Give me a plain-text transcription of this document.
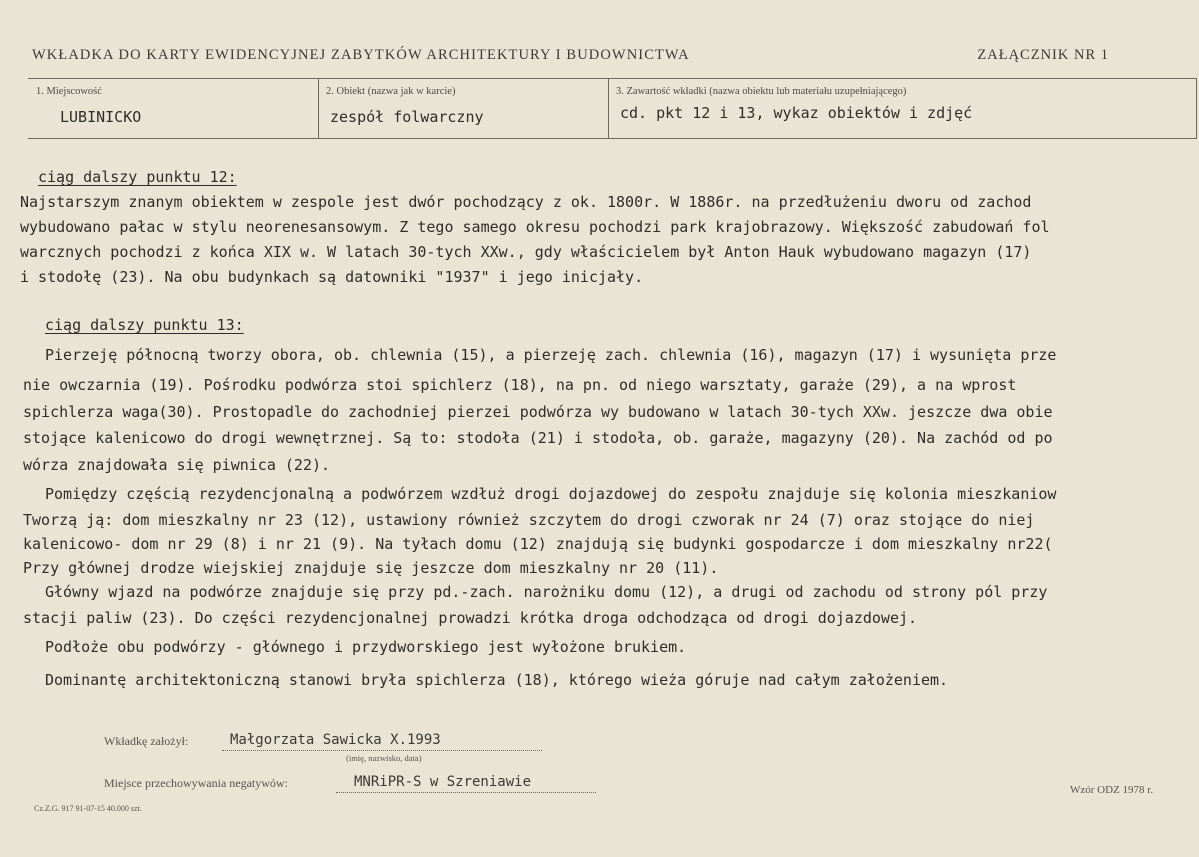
WKŁADKA DO KARTY EWIDENCYJNEJ ZABYTKÓW ARCHITEKTURY I BUDOWNICTWA	ZAŁĄCZNIK NR 1
1. Miejscowość
LUBINICKO
2. Obiekt (nazwa jak w karcie)
zespół folwarczny
3. Zawartość wkładki (nazwa obiektu lub materiału uzupełniającego)
cd. pkt 12 i 13, wykaz obiektów i zdjęć
ciąg dalszy punktu 12:
Najstarszym znanym obiektem w zespole jest dwór pochodzący z ok. 1800r. W 1886r. na przedłużeniu dworu od zachod
wybudowano pałac w stylu neorenesansowym. Z tego samego okresu pochodzi park krajobrazowy. Większość zabudowań fol
warcznych pochodzi z końca XIX w. W latach 30-tych XXw., gdy właścicielem był Anton Hauk wybudowano magazyn (17)
i stodołę (23). Na obu budynkach są datowniki "1937" i jego inicjały.
ciąg dalszy punktu 13:
Pierzeję północną tworzy obora, ob. chlewnia (15), a pierzeję zach. chlewnia (16), magazyn (17) i wysunięta prze
nie owczarnia (19). Pośrodku podwórza stoi spichlerz (18), na pn. od niego warsztaty, garaże (29), a na wprost
spichlerza waga(30). Prostopadle do zachodniej pierzei podwórza wy budowano w latach 30-tych XXw. jeszcze dwa obie
stojące kalenicowo do drogi wewnętrznej. Są to: stodoła (21) i stodoła, ob. garaże, magazyny (20). Na zachód od po
wórza znajdowała się piwnica (22).
Pomiędzy częścią rezydencjonalną a podwórzem wzdłuż drogi dojazdowej do zespołu znajduje się kolonia mieszkaniow
Tworzą ją: dom mieszkalny nr 23 (12), ustawiony również szczytem do drogi czworak nr 24 (7) oraz stojące do niej
kalenicowo- dom nr 29 (8) i nr 21 (9). Na tyłach domu (12) znajdują się budynki gospodarcze i dom mieszkalny nr22(
Przy głównej drodze wiejskiej znajduje się jeszcze dom mieszkalny nr 20 (11).
Główny wjazd na podwórze znajduje się przy pd.-zach. narożniku domu (12), a drugi od zachodu od strony pól przy
stacji paliw (23). Do części rezydencjonalnej prowadzi krótka droga odchodząca od drogi dojazdowej.
Podłoże obu podwórzy - głównego i przydworskiego jest wyłożone brukiem.
Dominantę architektoniczną stanowi bryła spichlerza (18), którego wieża góruje nad całym założeniem.
Wkładkę założył:	Małgorzata Sawicka X.1993
(imię, nazwisko, data)
Miejsce przechowywania negatywów:	MNRiPR-S w Szreniawie
Cz.Z.G. 917 91-07-15 40.000 szt.
Wzór ODZ 1978 r.
